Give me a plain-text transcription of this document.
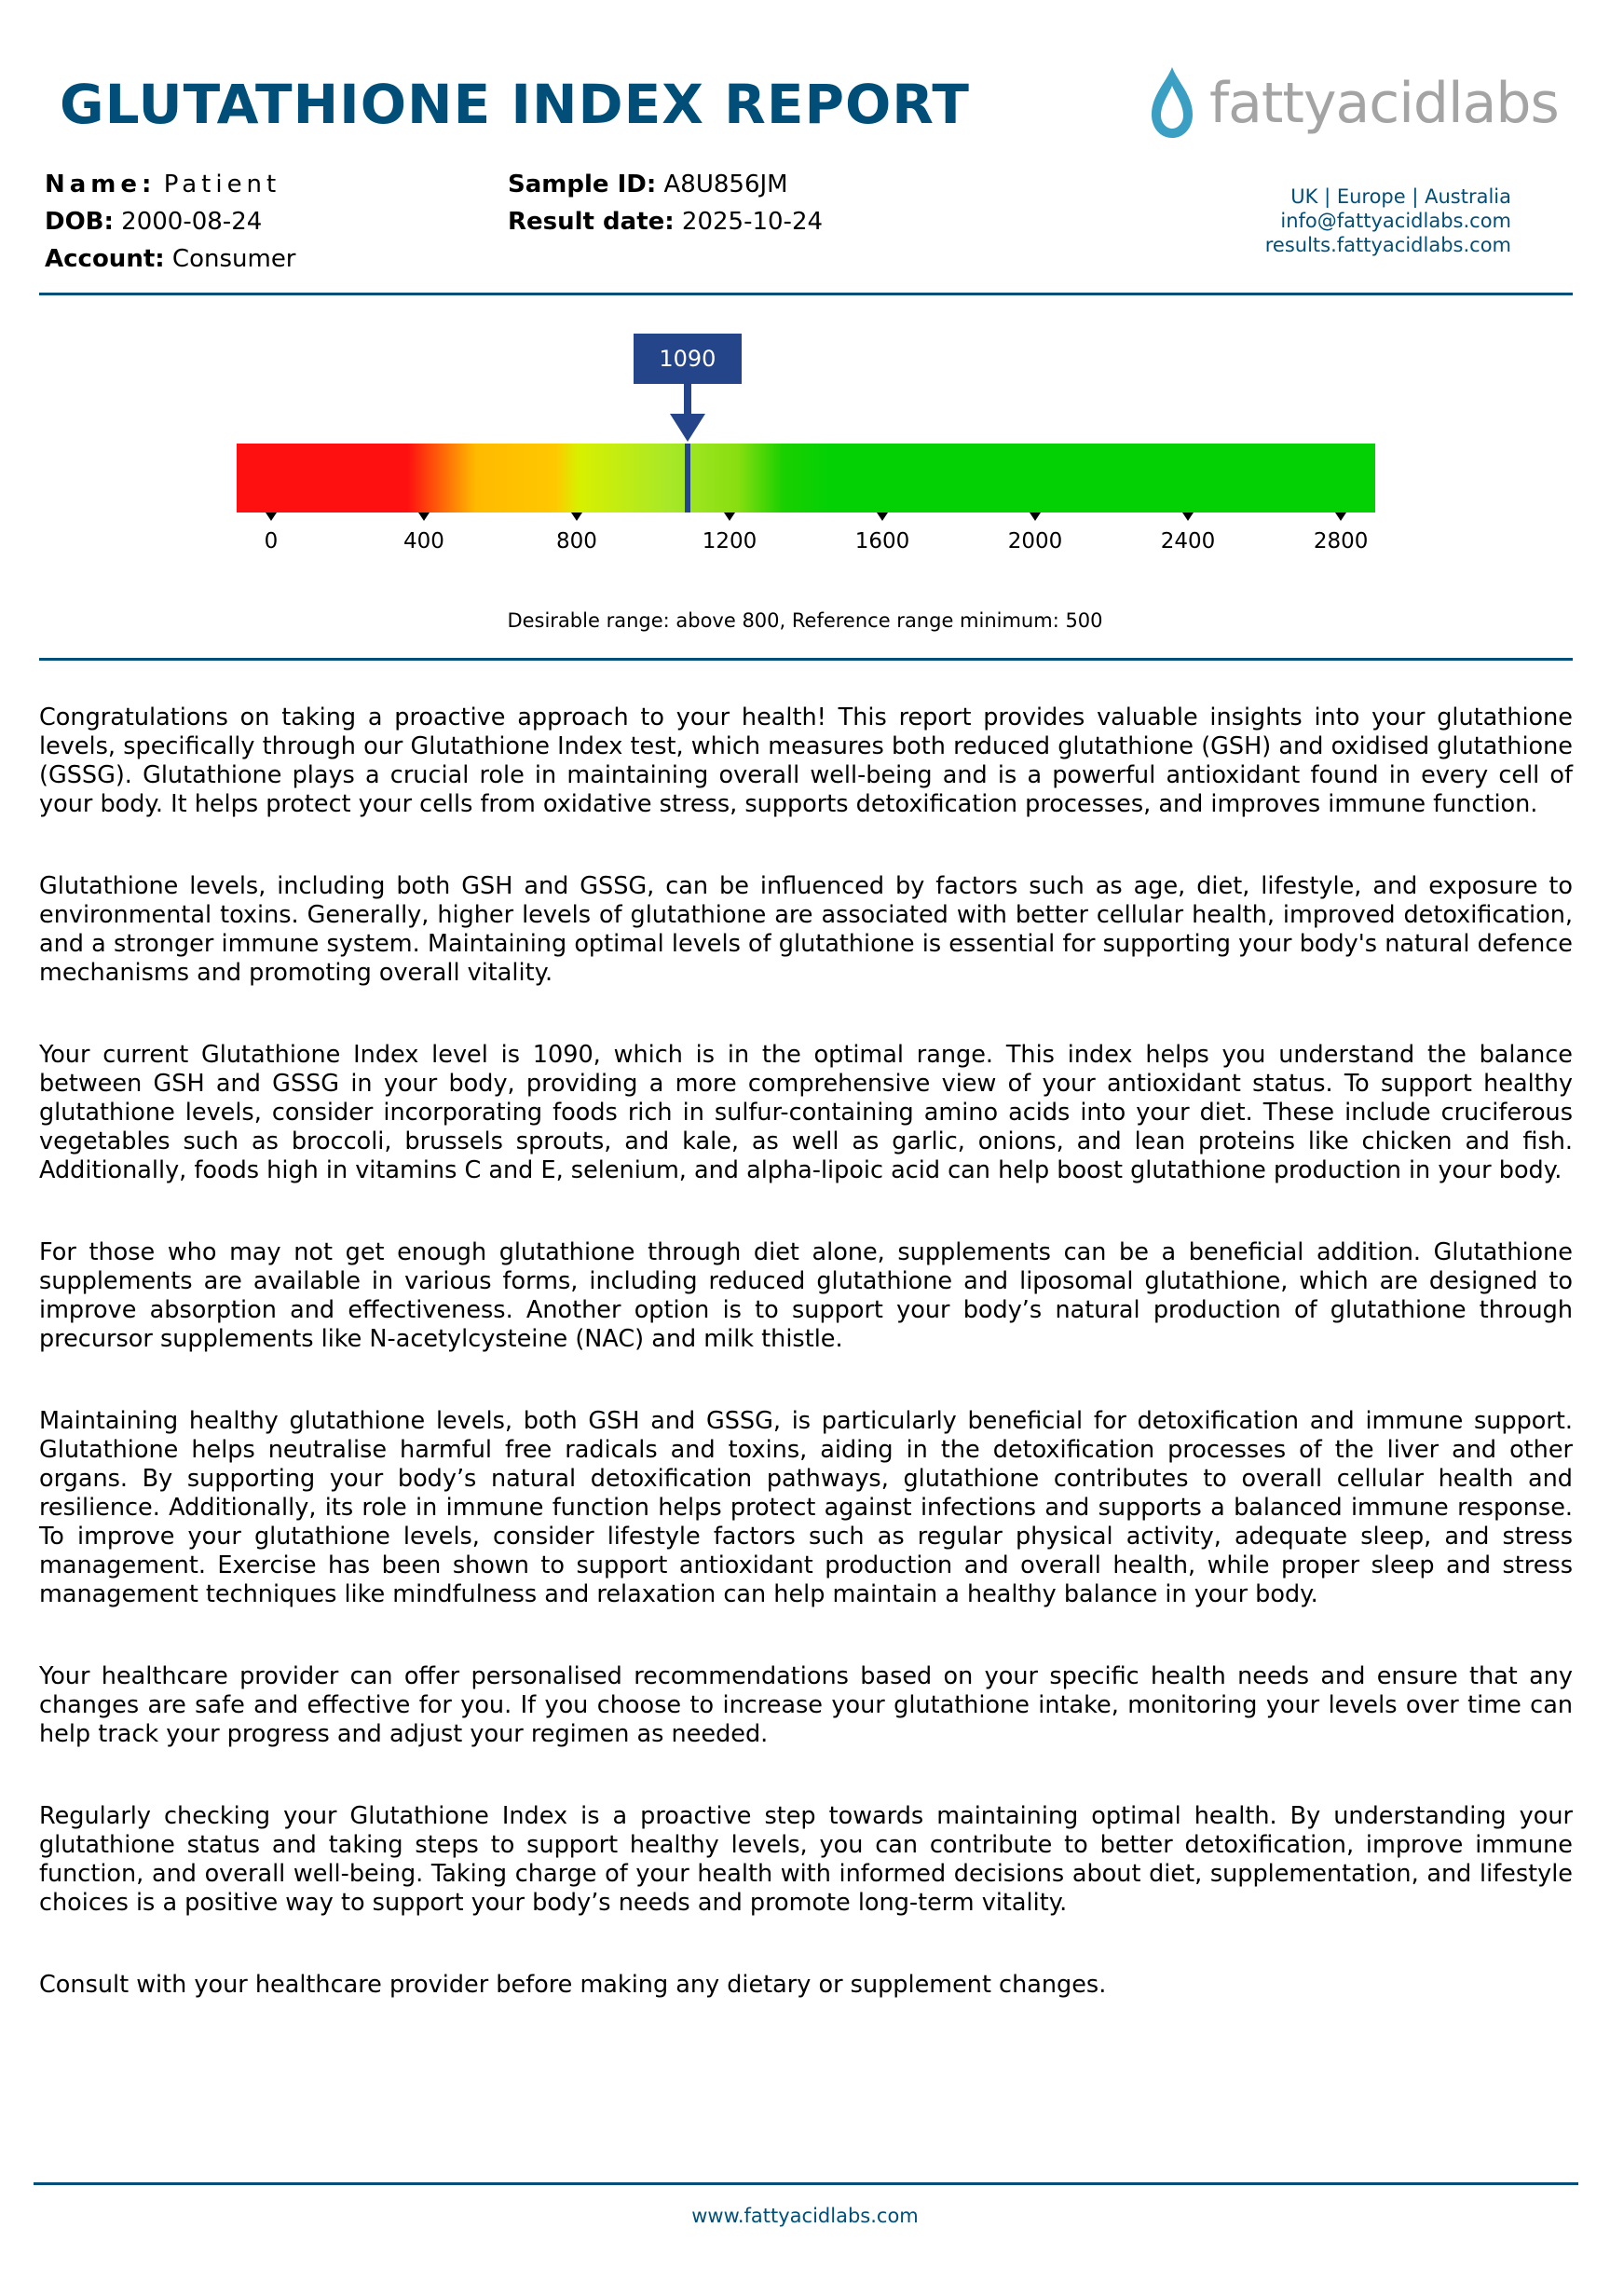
GLUTATHIONE INDEX REPORT	fattyacidlabs
Name: Patient
DOB: 2000-08-24
Account: Consumer
Sample ID: A8U856JM
Result date: 2025-10-24
UK | Europe | Australia
info@fattyacidlabs.com
results.fattyacidlabs.com
1090
0	400	800	1200	1600	2000	2400	2800
Desirable range: above 800, Reference range minimum: 500

Congratulations on taking a proactive approach to your health! This report provides valuable insights into your glutathione levels, specifically through our Glutathione Index test, which measures both reduced glutathione (GSH) and oxidised glutathione (GSSG). Glutathione plays a crucial role in maintaining overall well-being and is a powerful antioxidant found in every cell of your body. It helps protect your cells from oxidative stress, supports detoxification processes, and improves immune function.

Glutathione levels, including both GSH and GSSG, can be influenced by factors such as age, diet, lifestyle, and exposure to environmental toxins. Generally, higher levels of glutathione are associated with better cellular health, improved detoxification, and a stronger immune system. Maintaining optimal levels of glutathione is essential for supporting your body's natural defence mechanisms and promoting overall vitality.

Your current Glutathione Index level is 1090, which is in the optimal range. This index helps you understand the balance between GSH and GSSG in your body, providing a more comprehensive view of your antioxidant status. To support healthy glutathione levels, consider incorporating foods rich in sulfur-containing amino acids into your diet. These include cruciferous vegetables such as broccoli, brussels sprouts, and kale, as well as garlic, onions, and lean proteins like chicken and fish. Additionally, foods high in vitamins C and E, selenium, and alpha-lipoic acid can help boost glutathione production in your body.

For those who may not get enough glutathione through diet alone, supplements can be a beneficial addition. Glutathione supplements are available in various forms, including reduced glutathione and liposomal glutathione, which are designed to improve absorption and effectiveness. Another option is to support your body’s natural production of glutathione through precursor supplements like N-acetylcysteine (NAC) and milk thistle.

Maintaining healthy glutathione levels, both GSH and GSSG, is particularly beneficial for detoxification and immune support. Glutathione helps neutralise harmful free radicals and toxins, aiding in the detoxification processes of the liver and other organs. By supporting your body’s natural detoxification pathways, glutathione contributes to overall cellular health and resilience. Additionally, its role in immune function helps protect against infections and supports a balanced immune response. To improve your glutathione levels, consider lifestyle factors such as regular physical activity, adequate sleep, and stress management. Exercise has been shown to support antioxidant production and overall health, while proper sleep and stress management techniques like mindfulness and relaxation can help maintain a healthy balance in your body.

Your healthcare provider can offer personalised recommendations based on your specific health needs and ensure that any changes are safe and effective for you. If you choose to increase your glutathione intake, monitoring your levels over time can help track your progress and adjust your regimen as needed.

Regularly checking your Glutathione Index is a proactive step towards maintaining optimal health. By understanding your glutathione status and taking steps to support healthy levels, you can contribute to better detoxification, improve immune function, and overall well-being. Taking charge of your health with informed decisions about diet, supplementation, and lifestyle choices is a positive way to support your body’s needs and promote long-term vitality.

Consult with your healthcare provider before making any dietary or supplement changes.

www.fattyacidlabs.com
